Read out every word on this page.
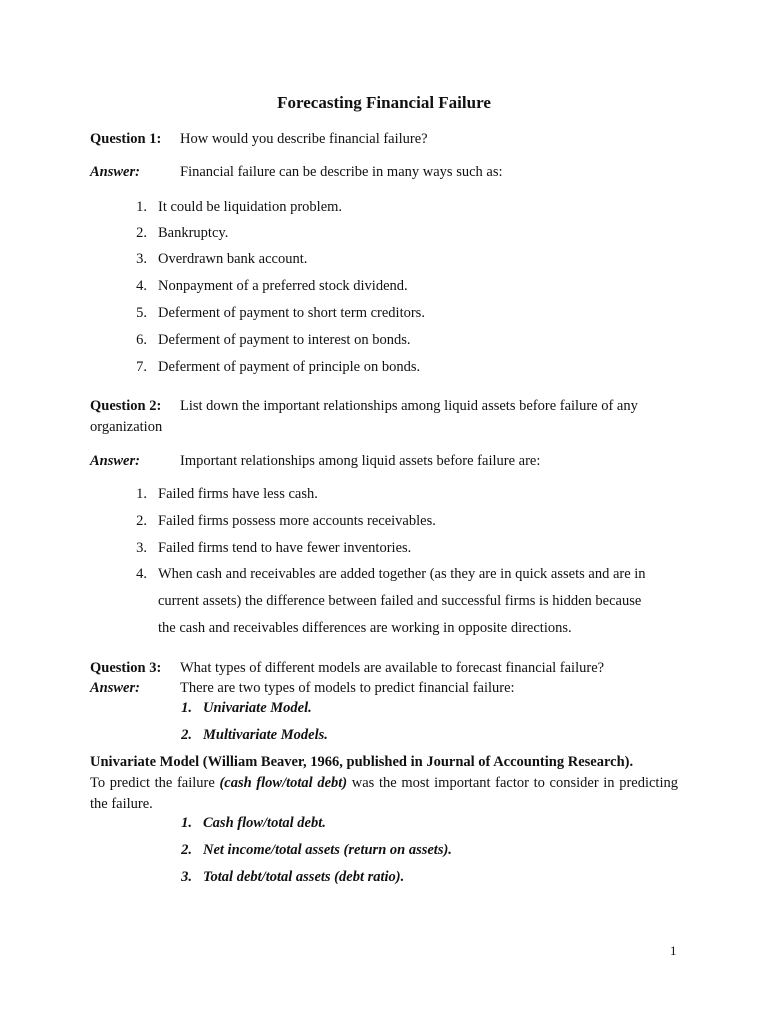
Forecasting Financial Failure
Question 1: How would you describe financial failure?
Answer:	Financial failure can be describe in many ways such as:
1. It could be liquidation problem.
2. Bankruptcy.
3. Overdrawn bank account.
4. Nonpayment of a preferred stock dividend.
5. Deferment of payment to short term creditors.
6. Deferment of payment to interest on bonds.
7. Deferment of payment of principle on bonds.
Question 2: List down the important relationships among liquid assets before failure of any
organization
Answer:	Important relationships among liquid assets before failure are:
1. Failed firms have less cash.
2. Failed firms possess more accounts receivables.
3. Failed firms tend to have fewer inventories.
4. When cash and receivables are added together (as they are in quick assets and are in
current assets) the difference between failed and successful firms is hidden because
the cash and receivables differences are working in opposite directions.
Question 3: What types of different models are available to forecast financial failure?
Answer:	There are two types of models to predict financial failure:
1. Univariate Model.
2. Multivariate Models.
Univariate Model (William Beaver, 1966, published in Journal of Accounting Research).
To predict the failure (cash flow/total debt) was the most important factor to consider in predicting the failure.
1. Cash flow/total debt.
2. Net income/total assets (return on assets).
3. Total debt/total assets (debt ratio).
1
